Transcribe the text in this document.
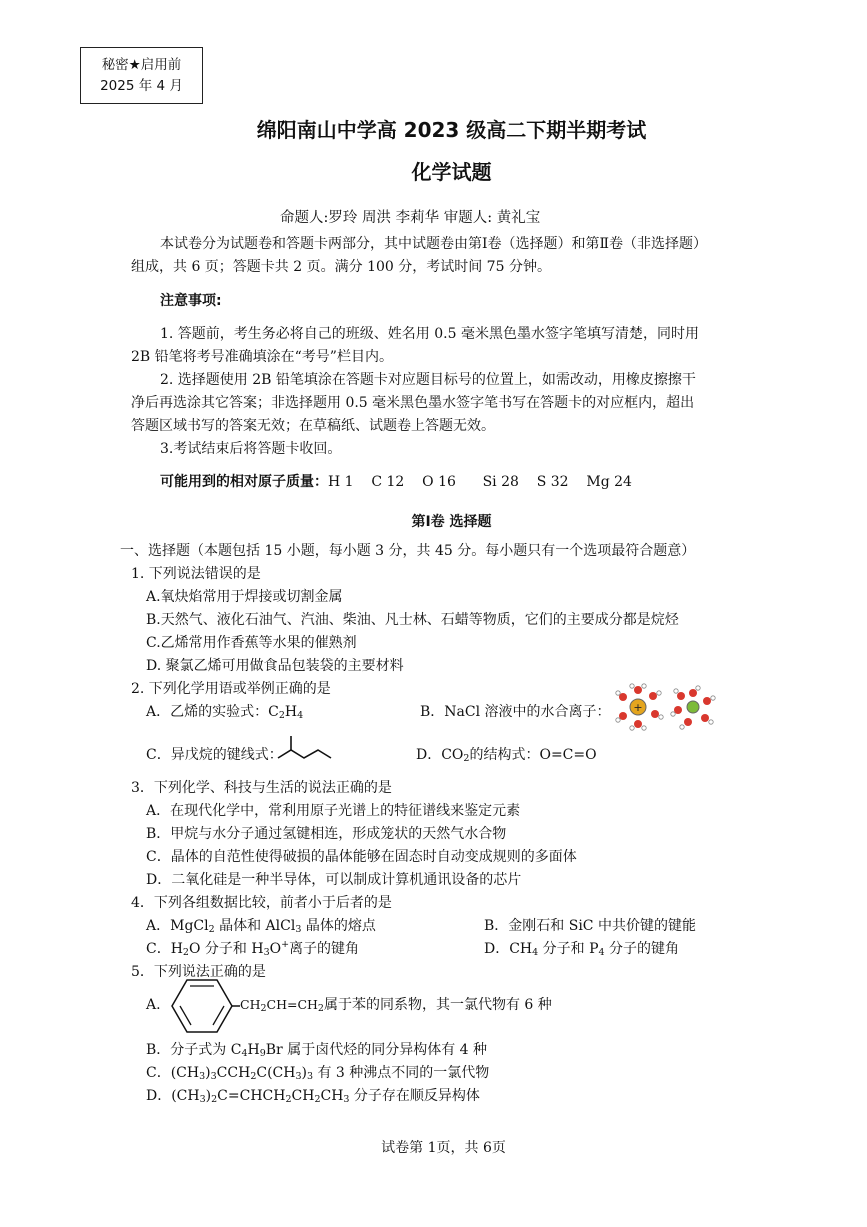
秘密★启用前
2025 年 4 月
绵阳南山中学高 2023 级高二下期半期考试
化学试题
命题人:罗玲 周洪 李莉华 审题人: 黄礼宝
本试卷分为试题卷和答题卡两部分，其中试题卷由第Ⅰ卷（选择题）和第Ⅱ卷（非选择题）
组成，共 6 页；答题卡共 2 页。满分 100 分，考试时间 75 分钟。
注意事项:
1. 答题前，考生务必将自己的班级、姓名用 0.5 毫米黑色墨水签字笔填写清楚，同时用
2B 铅笔将考号准确填涂在“考号”栏目内。
2. 选择题使用 2B 铅笔填涂在答题卡对应题目标号的位置上，如需改动，用橡皮擦擦干
净后再选涂其它答案；非选择题用 0.5 毫米黑色墨水签字笔书写在答题卡的对应框内，超出
答题区域书写的答案无效；在草稿纸、试题卷上答题无效。
3.考试结束后将答题卡收回。
可能用到的相对原子质量：H 1    C 12    O 16      Si 28    S 32    Mg 24
第Ⅰ卷 选择题
一、选择题（本题包括 15 小题，每小题 3 分，共 45 分。每小题只有一个选项最符合题意）
1. 下列说法错误的是
A.氧炔焰常用于焊接或切割金属
B.天然气、液化石油气、汽油、柴油、凡士林、石蜡等物质，它们的主要成分都是烷烃
C.乙烯常用作香蕉等水果的催熟剂
D. 聚氯乙烯可用做食品包装袋的主要材料
2. 下列化学用语或举例正确的是
A．乙烯的实验式：$C_2H_4$	B．NaCl 溶液中的水合离子： +
C．异戊烷的键线式：	D．$CO_2$的结构式：O=C=O
3．下列化学、科技与生活的说法正确的是
A．在现代化学中，常利用原子光谱上的特征谱线来鉴定元素
B．甲烷与水分子通过氢键相连，形成笼状的天然气水合物
C．晶体的自范性使得破损的晶体能够在固态时自动变成规则的多面体
D．二氧化硅是一种半导体，可以制成计算机通讯设备的芯片
4．下列各组数据比较，前者小于后者的是
A．MgCl$_2$ 晶体和 AlCl$_3$ 晶体的熔点	B．金刚石和 SiC 中共价键的键能
C．$H_2O$ 分子和 $H_3O^+$离子的键角	D．$CH_4$ 分子和 $P_4$ 分子的键角
5．下列说法正确的是
A.	$CH_2CH=CH_2$属于苯的同系物，其一氯代物有 6 种
B．分子式为 $C_4H_9Br$ 属于卤代烃的同分异构体有 4 种
C．$(CH_3)_3CCH_2C(CH_3)_3$ 有 3 种沸点不同的一氯代物
D．$(CH_3)_2C=CHCH_2CH_2CH_3$ 分子存在顺反异构体
试卷第 1页，共 6页
